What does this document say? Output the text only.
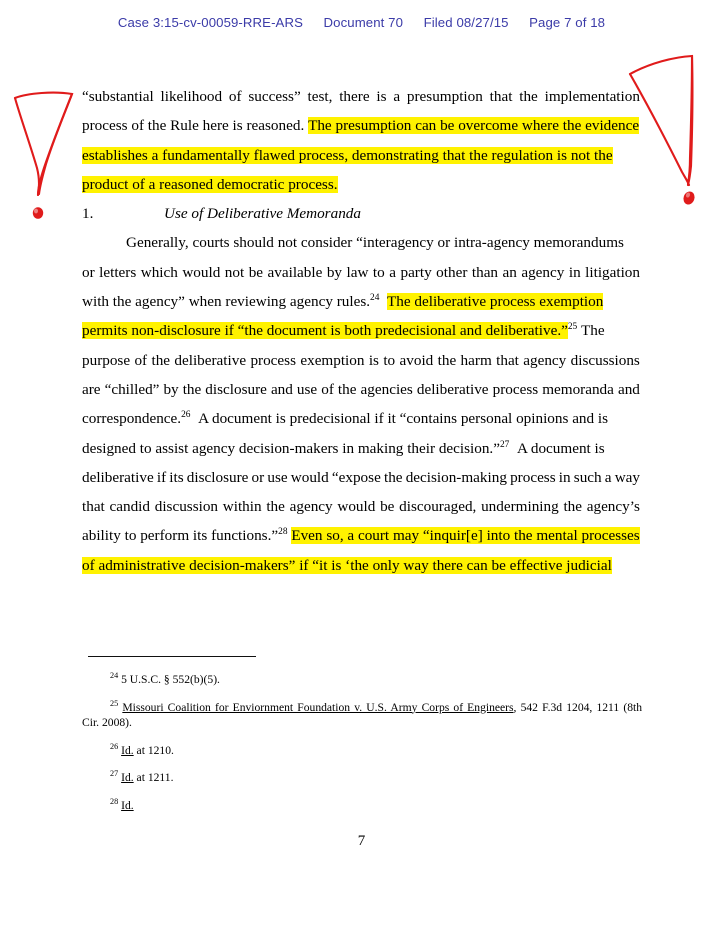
Case 3:15-cv-00059-RRE-ARS Document 70 Filed 08/27/15 Page 7 of 18

“substantial likelihood of success” test, there is a presumption that the implementation
process of the Rule here is reasoned. The presumption can be overcome where the evidence
establishes a fundamentally flawed process, demonstrating that the regulation is not the
product of a reasoned democratic process.

1.	Use of Deliberative Memoranda

Generally, courts should not consider “interagency or intra-agency memorandums
or letters which would not be available by law to a party other than an agency in litigation
with the agency” when reviewing agency rules.$^{24}$ The deliberative process exemption
permits non-disclosure if “the document is both predecisional and deliberative.”$^{25}$ The
purpose of the deliberative process exemption is to avoid the harm that agency discussions
are “chilled” by the disclosure and use of the agencies deliberative process memoranda and
correspondence.$^{26}$ A document is predecisional if it “contains personal opinions and is
designed to assist agency decision-makers in making their decision.”$^{27}$ A document is
deliberative if its disclosure or use would “expose the decision-making process in such a way
that candid discussion within the agency would be discouraged, undermining the agency’s
ability to perform its functions.”$^{28}$ Even so, a court may “inquir[e] into the mental processes
of administrative decision-makers” if “it is ‘the only way there can be effective judicial

$^{24}$ 5 U.S.C. § 552(b)(5).

$^{25}$ Missouri Coalition for Enviornment Foundation v. U.S. Army Corps of Engineers, 542 F.3d 1204, 1211 (8th Cir. 2008).

$^{26}$ Id. at 1210.

$^{27}$ Id. at 1211.

$^{28}$ Id.

7
